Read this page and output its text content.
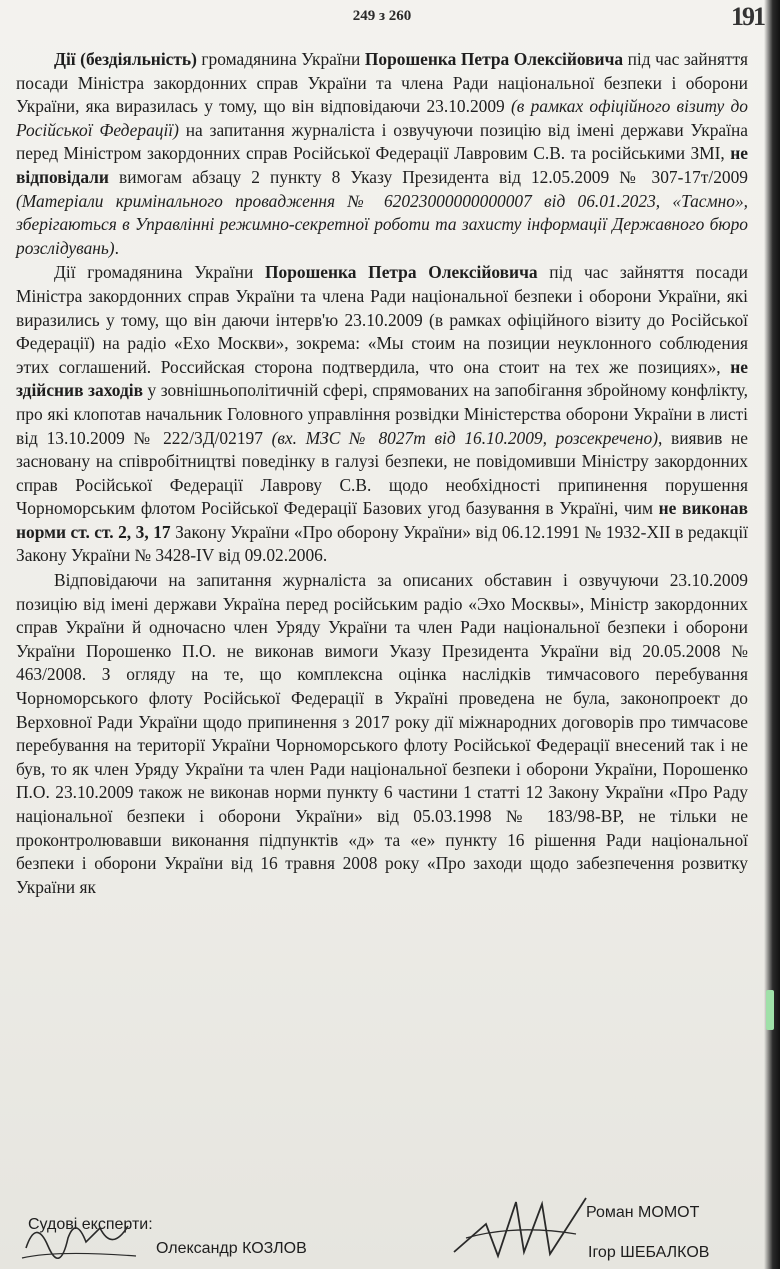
191
249 з 260

Дії (бездіяльність) громадянина України Порошенка Петра Олексійовича під час зайняття посади Міністра закордонних справ України та члена Ради національної безпеки і оборони України, яка виразилась у тому, що він відповідаючи 23.10.2009 (в рамках офіційного візиту до Російської Федерації) на запитання журналіста і озвучуючи позицію від імені держави Україна перед Міністром закордонних справ Російської Федерації Лавровим С.В. та російськими ЗМІ, не відповідали вимогам абзацу 2 пункту 8 Указу Президента від 12.05.2009 № 307-17т/2009 (Матеріали кримінального провадження № 62023000000000007 від 06.01.2023, «Тасмно», зберігаються в Управлінні режимно-секретної роботи та захисту інформації Державного бюро розслідувань).

Дії громадянина України Порошенка Петра Олексійовича під час зайняття посади Міністра закордонних справ України та члена Ради національної безпеки і оборони України, які виразились у тому, що він даючи інтерв'ю 23.10.2009 (в рамках офіційного візиту до Російської Федерації) на радіо «Ехо Москви», зокрема: «Мы стоим на позиции неуклонного соблюдения этих соглашений. Российская сторона подтвердила, что она стоит на тех же позициях», не здійснив заходів у зовнішньополітичній сфері, спрямованих на запобігання збройному конфлікту, про які клопотав начальник Головного управління розвідки Міністерства оборони України в листі від 13.10.2009 № 222/3Д/02197 (вх. МЗС № 8027т від 16.10.2009, розсекречено), виявив не засновану на співробітництві поведінку в галузі безпеки, не повідомивши Міністру закордонних справ Російської Федерації Лаврову С.В. щодо необхідності припинення порушення Чорноморським флотом Російської Федерації Базових угод базування в Україні, чим не виконав норми ст. ст. 2, 3, 17 Закону України «Про оборону України» від 06.12.1991 № 1932-XII в редакції Закону України № 3428-IV від 09.02.2006.

Відповідаючи на запитання журналіста за описаних обставин і озвучуючи 23.10.2009 позицію від імені держави Україна перед російським радіо «Эхо Москвы», Міністр закордонних справ України й одночасно член Уряду України та член Ради національної безпеки і оборони України Порошенко П.О. не виконав вимоги Указу Президента України від 20.05.2008 № 463/2008. З огляду на те, що комплексна оцінка наслідків тимчасового перебування Чорноморського флоту Російської Федерації в Україні проведена не була, законопроект до Верховної Ради України щодо припинення з 2017 року дії міжнародних договорів про тимчасове перебування на території України Чорноморського флоту Російської Федерації внесений так і не був, то як член Уряду України та член Ради національної безпеки і оборони України, Порошенко П.О. 23.10.2009 також не виконав норми пункту 6 частини 1 статті 12 Закону України «Про Раду національної безпеки і оборони України» від 05.03.1998 № 183/98-ВР, не тільки не проконтролювавши виконання підпунктів «д» та «е» пункту 16 рішення Ради національної безпеки і оборони України від 16 травня 2008 року «Про заходи щодо забезпечення розвитку України як

Судові експерти:
Олександр КОЗЛОВ
Роман МОМОТ
Ігор ШЕБАЛКОВ
